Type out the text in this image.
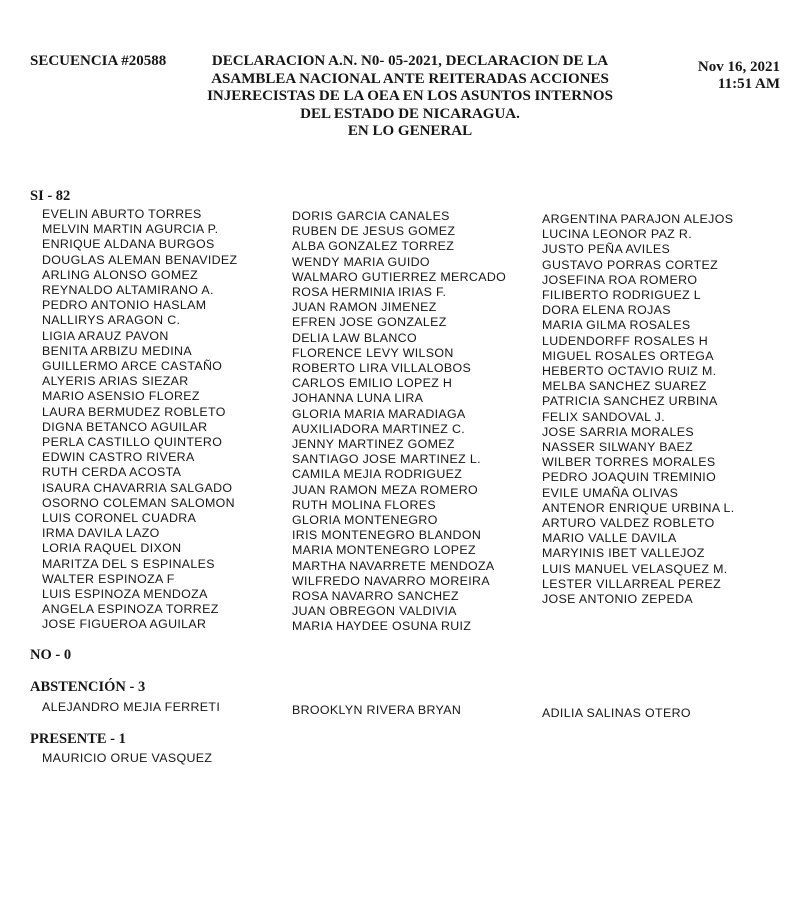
SECUENCIA #20588	DECLARACION A.N. N0- 05-2021, DECLARACION DE LA
ASAMBLEA NACIONAL ANTE REITERADAS ACCIONES
INJERECISTAS DE LA OEA EN LOS ASUNTOS INTERNOS
DEL ESTADO DE NICARAGUA.
EN LO GENERAL
Nov 16, 2021
11:51 AM
SI - 82
EVELIN ABURTO TORRES
MELVIN MARTIN AGURCIA P.
ENRIQUE ALDANA BURGOS
DOUGLAS ALEMAN BENAVIDEZ
ARLING ALONSO GOMEZ
REYNALDO ALTAMIRANO A.
PEDRO ANTONIO HASLAM
NALLIRYS ARAGON C.
LIGIA ARAUZ PAVON
BENITA ARBIZU MEDINA
GUILLERMO ARCE CASTAÑO
ALYERIS ARIAS SIEZAR
MARIO ASENSIO FLOREZ
LAURA BERMUDEZ ROBLETO
DIGNA BETANCO AGUILAR
PERLA CASTILLO QUINTERO
EDWIN CASTRO RIVERA
RUTH CERDA ACOSTA
ISAURA CHAVARRIA SALGADO
OSORNO COLEMAN SALOMON
LUIS CORONEL CUADRA
IRMA DAVILA LAZO
LORIA RAQUEL DIXON
MARITZA DEL S ESPINALES
WALTER ESPINOZA F
LUIS ESPINOZA MENDOZA
ANGELA ESPINOZA TORREZ
JOSE FIGUEROA AGUILAR
DORIS GARCIA CANALES
RUBEN DE JESUS GOMEZ
ALBA GONZALEZ TORREZ
WENDY MARIA GUIDO
WALMARO GUTIERREZ MERCADO
ROSA HERMINIA IRIAS F.
JUAN RAMON JIMENEZ
EFREN JOSE GONZALEZ
DELIA LAW BLANCO
FLORENCE LEVY WILSON
ROBERTO LIRA VILLALOBOS
CARLOS EMILIO LOPEZ H
JOHANNA LUNA LIRA
GLORIA MARIA MARADIAGA
AUXILIADORA MARTINEZ C.
JENNY MARTINEZ GOMEZ
SANTIAGO JOSE MARTINEZ L.
CAMILA MEJIA RODRIGUEZ
JUAN RAMON MEZA ROMERO
RUTH MOLINA FLORES
GLORIA MONTENEGRO
IRIS MONTENEGRO BLANDON
MARIA MONTENEGRO LOPEZ
MARTHA NAVARRETE MENDOZA
WILFREDO NAVARRO MOREIRA
ROSA NAVARRO SANCHEZ
JUAN OBREGON VALDIVIA
MARIA HAYDEE OSUNA RUIZ
ARGENTINA PARAJON ALEJOS
LUCINA LEONOR PAZ R.
JUSTO PEÑA AVILES
GUSTAVO PORRAS CORTEZ
JOSEFINA ROA ROMERO
FILIBERTO RODRIGUEZ L
DORA ELENA ROJAS
MARIA GILMA ROSALES
LUDENDORFF ROSALES H
MIGUEL ROSALES ORTEGA
HEBERTO OCTAVIO RUIZ M.
MELBA SANCHEZ SUAREZ
PATRICIA SANCHEZ URBINA
FELIX SANDOVAL J.
JOSE SARRIA MORALES
NASSER SILWANY BAEZ
WILBER TORRES MORALES
PEDRO JOAQUIN TREMINIO
EVILE UMAÑA OLIVAS
ANTENOR ENRIQUE URBINA L.
ARTURO VALDEZ ROBLETO
MARIO VALLE DAVILA
MARYINIS IBET VALLEJOZ
LUIS MANUEL VELASQUEZ M.
LESTER VILLARREAL PEREZ
JOSE ANTONIO ZEPEDA
NO - 0
ABSTENCIÓN - 3
ALEJANDRO MEJIA FERRETI	BROOKLYN RIVERA BRYAN	ADILIA SALINAS OTERO
PRESENTE - 1
MAURICIO ORUE VASQUEZ
